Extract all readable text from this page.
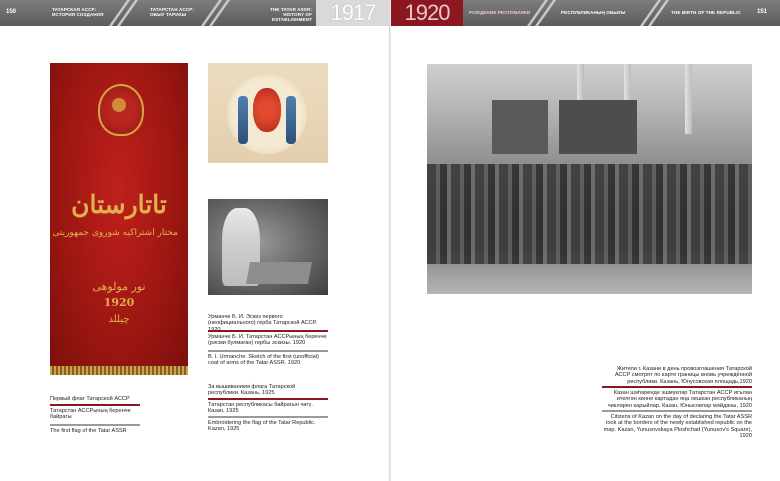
150	ТАТАРСКАЯ АССР:
ИСТОРИЯ СОЗДАНИЯ
ТАТАРСТАН АССР:
ОБЫУ ТАРИХЫ
THE TATAR ASSR:
HISTORY OF ESTABLISHMENT 1917
تاتارستان
مختار اشتراكيه شوروى جمهوريتى
نور مولوهى
1920
چيللد	Урманче Б. И. Эскиз первого (неофициального) герба Татарской АССР.
Урманче Б. И. Татарстан АССРының беренче (рәсми булмаган) гербы эскизы. 1920
B. I. Urmanche. Sketch of the first (unofficial) coat of arms of the Tatar ASSR. 1920
За вышиванием флага Татарской республики. Казань, 1925
Татарстан республикасы байрагын чигү. Казан, 1925
Embroidering the flag of the Tatar Republic. Kazan, 1925
Первый флаг Татарской АССР
Татарстан АССРының беренче байрагы
The first flag of the Tatar ASSR
1920	РОЖДЕНИЕ РЕСПУБЛИКИ	РЕСПУБЛИКАНЫҢ ОБЫУЫ	THE BIRTH OF THE REPUBLIC	151
Жители г. Казани в день провозглашения Татарской АССР смотрят по карте границы вновь учреждённой республики. Казань, Юнусовская площадь,1920
Казан шәһәренде эшмүкләр Татарстан АССР игълан ителгән көнне картадан яңа оешкан республиканың чикләрен карыйлар. Казан, Юнысовлар мәйданы, 1920
Citizens of Kazan on the day of declaring the Tatar ASSR look at the borders of the newly established republic on the map. Kazan, Yunusovskaya Ploshchad (Yunusov's Square), 1920
